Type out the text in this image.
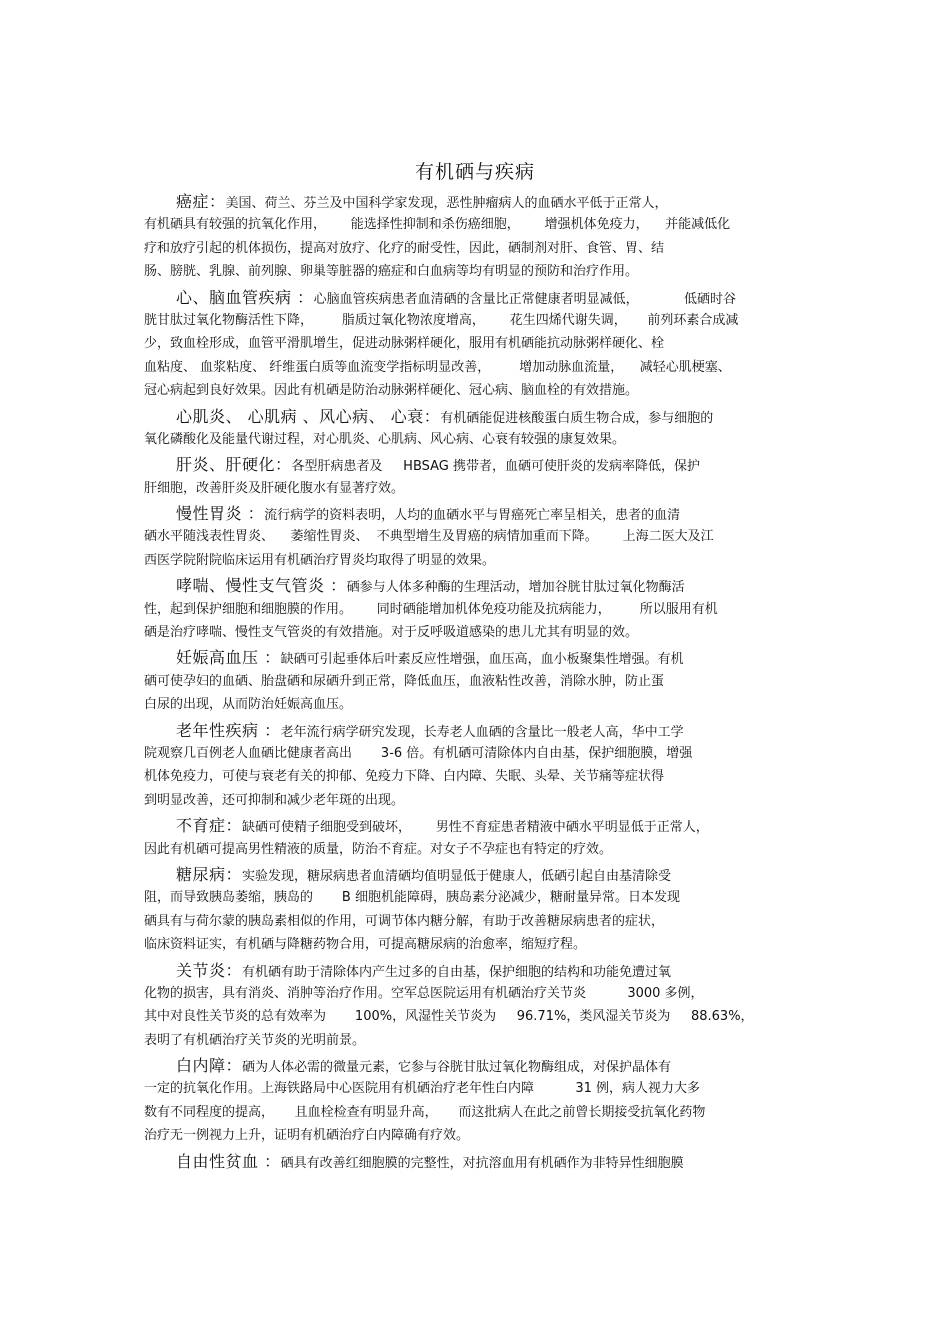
有机硒与疾病
癌症：美国、荷兰、芬兰及中国科学家发现，恶性肿瘤病人的血硒水平低于正常人，
有机硒具有较强的抗氧化作用，      能选择性抑制和杀伤癌细胞，      增强机体免疫力，    并能减低化
疗和放疗引起的机体损伤，提高对放疗、化疗的耐受性，因此，硒制剂对肝、食管、胃、结
肠、膀胱、乳腺、前列腺、卵巢等脏器的癌症和白血病等均有明显的预防和治疗作用。
心、脑血管疾病 ：心脑血管疾病患者血清硒的含量比正常健康者明显减低，           低硒时谷
胱甘肽过氧化物酶活性下降，       脂质过氧化物浓度增高，      花生四烯代谢失调，     前列环素合成减
少，致血栓形成，血管平滑肌增生，促进动脉粥样硬化，服用有机硒能抗动脉粥样硬化、栓
血粘度、 血浆粘度、 纤维蛋白质等血流变学指标明显改善，       增加动脉血流量，    减轻心肌梗塞、
冠心病起到良好效果。因此有机硒是防治动脉粥样硬化、冠心病、脑血栓的有效措施。
心肌炎、 心肌病 、风心病、 心衰：有机硒能促进核酸蛋白质生物合成，参与细胞的
氧化磷酸化及能量代谢过程，对心肌炎、心肌病、风心病、心衰有较强的康复效果。
肝炎、肝硬化：各型肝病患者及     HBSAG 携带者，血硒可使肝炎的发病率降低，保护
肝细胞，改善肝炎及肝硬化腹水有显著疗效。
慢性胃炎 ：流行病学的资料表明，人均的血硒水平与胃癌死亡率呈相关，患者的血清
硒水平随浅表性胃炎、    萎缩性胃炎、  不典型增生及胃癌的病情加重而下降。      上海二医大及江
西医学院附院临床运用有机硒治疗胃炎均取得了明显的效果。
哮喘、慢性支气管炎 ：硒参与人体多种酶的生理活动，增加谷胱甘肽过氧化物酶活
性，起到保护细胞和细胞膜的作用。      同时硒能增加机体免疫功能及抗病能力，       所以服用有机
硒是治疗哮喘、慢性支气管炎的有效措施。对于反呼吸道感染的患儿尤其有明显的效。
妊娠高血压 ：缺硒可引起垂体后叶素反应性增强，血压高，血小板聚集性增强。有机
硒可使孕妇的血硒、胎盘硒和尿硒升到正常，降低血压，血液粘性改善，消除水肿，防止蛋
白尿的出现，从而防治妊娠高血压。
老年性疾病 ：老年流行病学研究发现，长寿老人血硒的含量比一般老人高，华中工学
院观察几百例老人血硒比健康者高出       3-6 倍。有机硒可清除体内自由基，保护细胞膜，增强
机体免疫力，可使与衰老有关的抑郁、免疫力下降、白内障、失眠、头晕、关节痛等症状得
到明显改善，还可抑制和减少老年斑的出现。
不育症：缺硒可使精子细胞受到破坏，      男性不育症患者精液中硒水平明显低于正常人，
因此有机硒可提高男性精液的质量，防治不育症。对女子不孕症也有特定的疗效。
糖尿病：实验发现，糖尿病患者血清硒均值明显低于健康人，低硒引起自由基清除受
阻，而导致胰岛萎缩，胰岛的       B 细胞机能障碍，胰岛素分泌减少，糖耐量异常。日本发现
硒具有与荷尔蒙的胰岛素相似的作用，可调节体内糖分解，有助于改善糖尿病患者的症状，
临床资料证实，有机硒与降糖药物合用，可提高糖尿病的治愈率，缩短疗程。
关节炎：有机硒有助于清除体内产生过多的自由基，保护细胞的结构和功能免遭过氧
化物的损害，具有消炎、消肿等治疗作用。空军总医院运用有机硒治疗关节炎          3000 多例，
其中对良性关节炎的总有效率为       100%，风湿性关节炎为     96.71%，类风湿关节炎为     88.63%，
表明了有机硒治疗关节炎的光明前景。
白内障：硒为人体必需的微量元素，它参与谷胱甘肽过氧化物酶组成，对保护晶体有
一定的抗氧化作用。上海铁路局中心医院用有机硒治疗老年性白内障          31 例，病人视力大多
数有不同程度的提高，     且血栓检查有明显升高，     而这批病人在此之前曾长期接受抗氧化药物
治疗无一例视力上升，证明有机硒治疗白内障确有疗效。
自由性贫血 ：硒具有改善红细胞膜的完整性，对抗溶血用有机硒作为非特异性细胞膜
